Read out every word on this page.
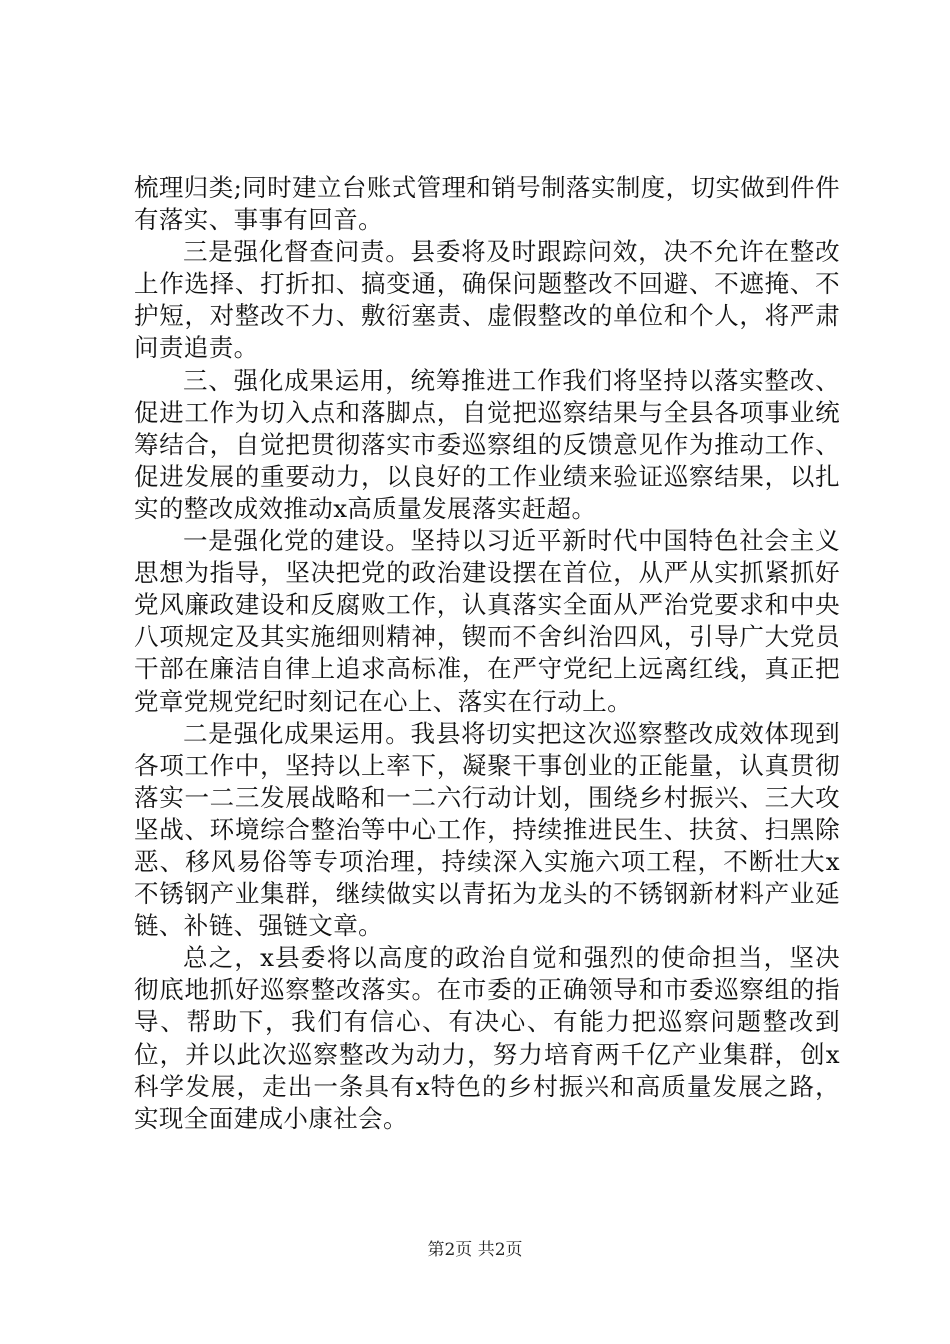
梳理归类;同时建立台账式管理和销号制落实制度，切实做到件件有落实、事事有回音。

三是强化督查问责。县委将及时跟踪问效，决不允许在整改上作选择、打折扣、搞变通，确保问题整改不回避、不遮掩、不护短，对整改不力、敷衍塞责、虚假整改的单位和个人，将严肃问责追责。

三、强化成果运用，统筹推进工作我们将坚持以落实整改、促进工作为切入点和落脚点，自觉把巡察结果与全县各项事业统筹结合，自觉把贯彻落实市委巡察组的反馈意见作为推动工作、促进发展的重要动力，以良好的工作业绩来验证巡察结果，以扎实的整改成效推动x高质量发展落实赶超。

一是强化党的建设。坚持以习近平新时代中国特色社会主义思想为指导，坚决把党的政治建设摆在首位，从严从实抓紧抓好党风廉政建设和反腐败工作，认真落实全面从严治党要求和中央八项规定及其实施细则精神，锲而不舍纠治四风，引导广大党员干部在廉洁自律上追求高标准，在严守党纪上远离红线，真正把党章党规党纪时刻记在心上、落实在行动上。

二是强化成果运用。我县将切实把这次巡察整改成效体现到各项工作中，坚持以上率下，凝聚干事创业的正能量，认真贯彻落实一二三发展战略和一二六行动计划，围绕乡村振兴、三大攻坚战、环境综合整治等中心工作，持续推进民生、扶贫、扫黑除恶、移风易俗等专项治理，持续深入实施六项工程，不断壮大x不锈钢产业集群，继续做实以青拓为龙头的不锈钢新材料产业延链、补链、强链文章。

总之，x县委将以高度的政治自觉和强烈的使命担当，坚决彻底地抓好巡察整改落实。在市委的正确领导和市委巡察组的指导、帮助下，我们有信心、有决心、有能力把巡察问题整改到位，并以此次巡察整改为动力，努力培育两千亿产业集群，创x科学发展，走出一条具有x特色的乡村振兴和高质量发展之路，实现全面建成小康社会。

第2页 共2页
